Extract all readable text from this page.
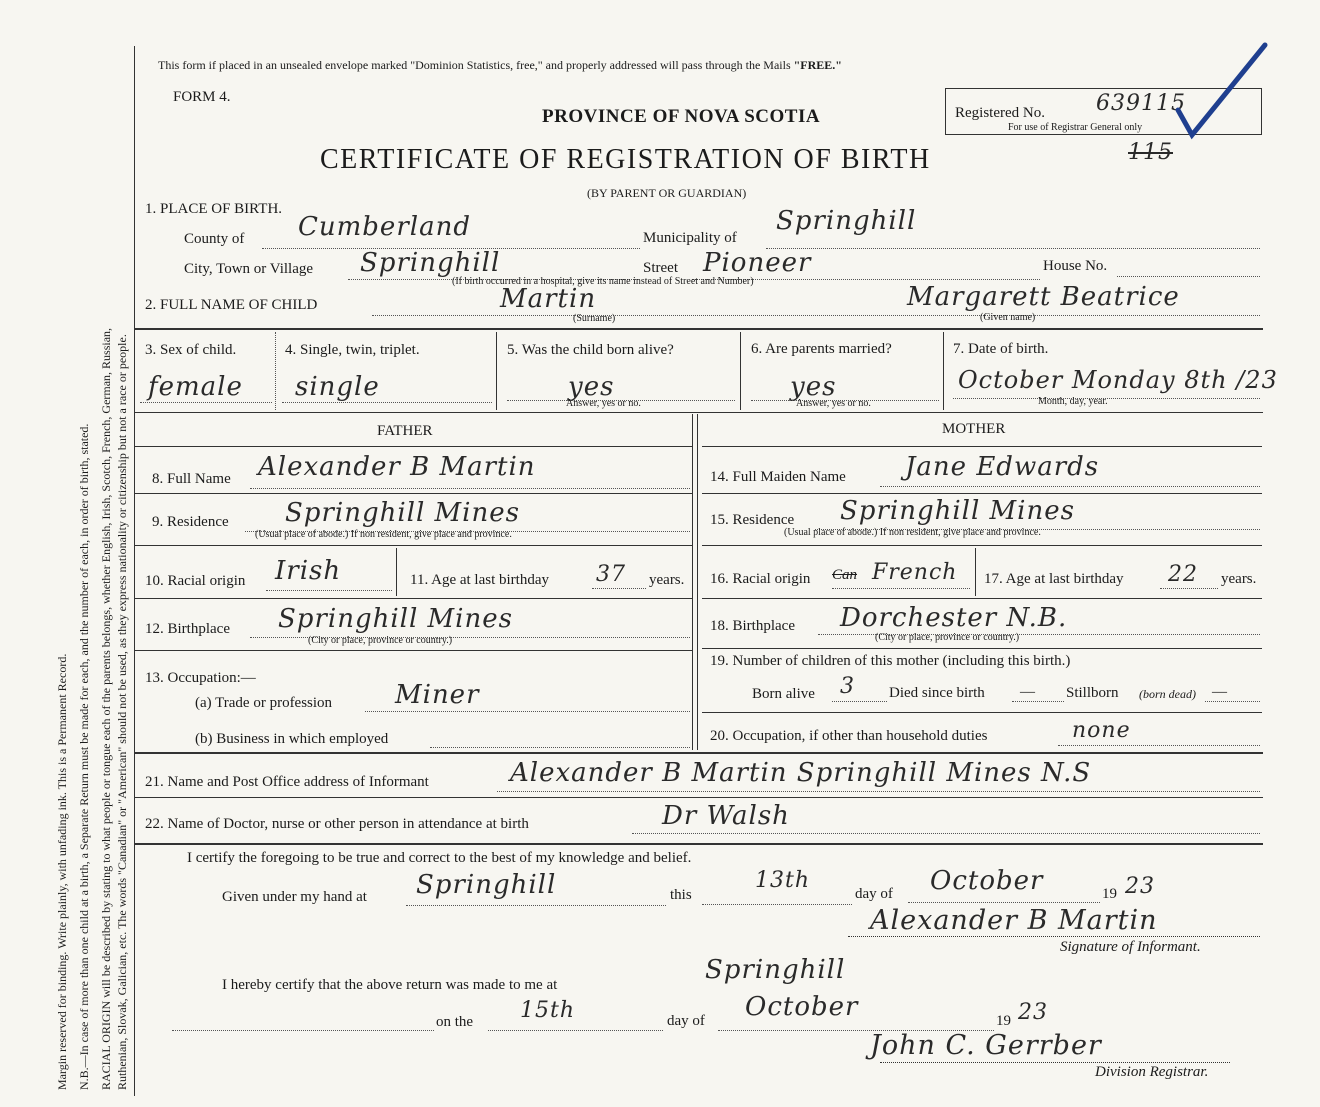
Margin reserved for binding. Write plainly, with unfading ink. This is a Permanent Record. N.B.—In case of more than one child at a birth, a Separate Return must be made for each, and the number of each, in order of birth, stated. RACIAL ORIGIN will be described by stating to what people or tongue each of the parents belongs, whether English, Irish, Scotch, French, German, Russian, Ruthenian, Slovak, Galician, etc. The words "Canadian" or "American" should not be used, as they express nationality or citizenship but not a race or people.
This form if placed in an unsealed envelope marked "Dominion Statistics, free," and properly addressed will pass through the Mails "FREE."
FORM 4.
PROVINCE OF NOVA SCOTIA
CERTIFICATE OF REGISTRATION OF BIRTH
(BY PARENT OR GUARDIAN)
Registered No. 639115
For use of Registrar General only
115
1. PLACE OF BIRTH.
County of Cumberland	Municipality of
Springhill
City, Town or Village Springhill	Street Pioneer	House No.
(If birth occurred in a hospital, give its name instead of Street and Number)
2. FULL NAME OF CHILD	Martin
(Surname)
Margarett Beatrice
(Given name)
3. Sex of child.
female
4. Single, twin, triplet.
single
5. Was the child born alive?
yes
Answer, yes or no.
6. Are parents married?
yes
Answer, yes or no.
7. Date of birth.
October Monday 8th /23
Month, day, year.
FATHER	MOTHER
8. Full Name Alexander B Martin
9. Residence Springhill Mines
(Usual place of abode.) If non resident, give place and province.
10. Racial origin Irish	11. Age at last birthday 37 years.
12. Birthplace Springhill Mines
(City or place, province or country.)
13. Occupation:—
(a) Trade or profession Miner
(b) Business in which employed
14. Full Maiden Name Jane Edwards
15. Residence Springhill Mines
(Usual place of abode.) If non resident, give place and province.
16. Racial origin Can French 17. Age at last birthday 22 years.
18. Birthplace Dorchester N.B.
(City or place, province or country.)
19. Number of children of this mother (including this birth.)
Born alive 3 Died since birth — Stillborn (born dead) —
20. Occupation, if other than household duties	none
21. Name and Post Office address of Informant	Alexander B Martin Springhill Mines N.S
22. Name of Doctor, nurse or other person in attendance at birth	Dr Walsh
I certify the foregoing to be true and correct to the best of my knowledge and belief.
Given under my hand at Springhill	this
13th
day of October	19 23
Alexander B Martin
Signature of Informant.
I hereby certify that the above return was made to me at	Springhill
on the 15th	day of October	19 23
John C. Gerrber
Division Registrar.
